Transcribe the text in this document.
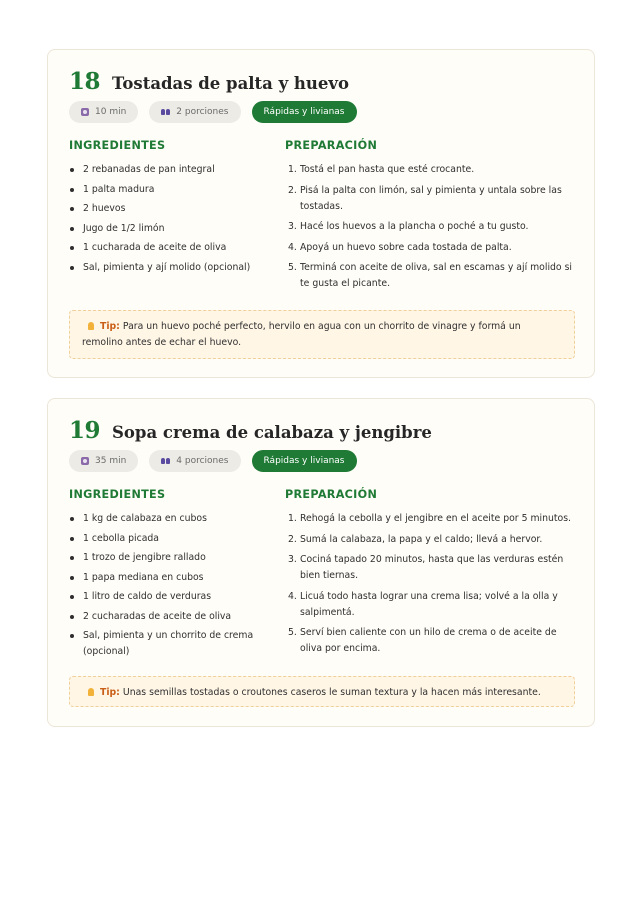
18 Tostadas de palta y huevo
10 min	2 porciones	Rápidas y livianas
INGREDIENTES	PREPARACIÓN
2 rebanadas de pan integral
1 palta madura
2 huevos
Jugo de 1/2 limón
1 cucharada de aceite de oliva
Sal, pimienta y ají molido (opcional)
1. Tostá el pan hasta que esté crocante.
2. Pisá la palta con limón, sal y pimienta y untala sobre las tostadas.
3. Hacé los huevos a la plancha o poché a tu gusto.
4. Apoyá un huevo sobre cada tostada de palta.
5. Terminá con aceite de oliva, sal en escamas y ají molido si te gusta el picante.
Tip: Para un huevo poché perfecto, hervilo en agua con un chorrito de vinagre y formá un remolino antes de echar el huevo.
19 Sopa crema de calabaza y jengibre
35 min	4 porciones	Rápidas y livianas
INGREDIENTES	PREPARACIÓN
1 kg de calabaza en cubos
1 cebolla picada
1 trozo de jengibre rallado
1 papa mediana en cubos
1 litro de caldo de verduras
2 cucharadas de aceite de oliva
Sal, pimienta y un chorrito de crema (opcional)
1. Rehogá la cebolla y el jengibre en el aceite por 5 minutos.
2. Sumá la calabaza, la papa y el caldo; llevá a hervor.
3. Cociná tapado 20 minutos, hasta que las verduras estén bien tiernas.
4. Licuá todo hasta lograr una crema lisa; volvé a la olla y salpimentá.
5. Serví bien caliente con un hilo de crema o de aceite de oliva por encima.
Tip: Unas semillas tostadas o croutones caseros le suman textura y la hacen más interesante.
